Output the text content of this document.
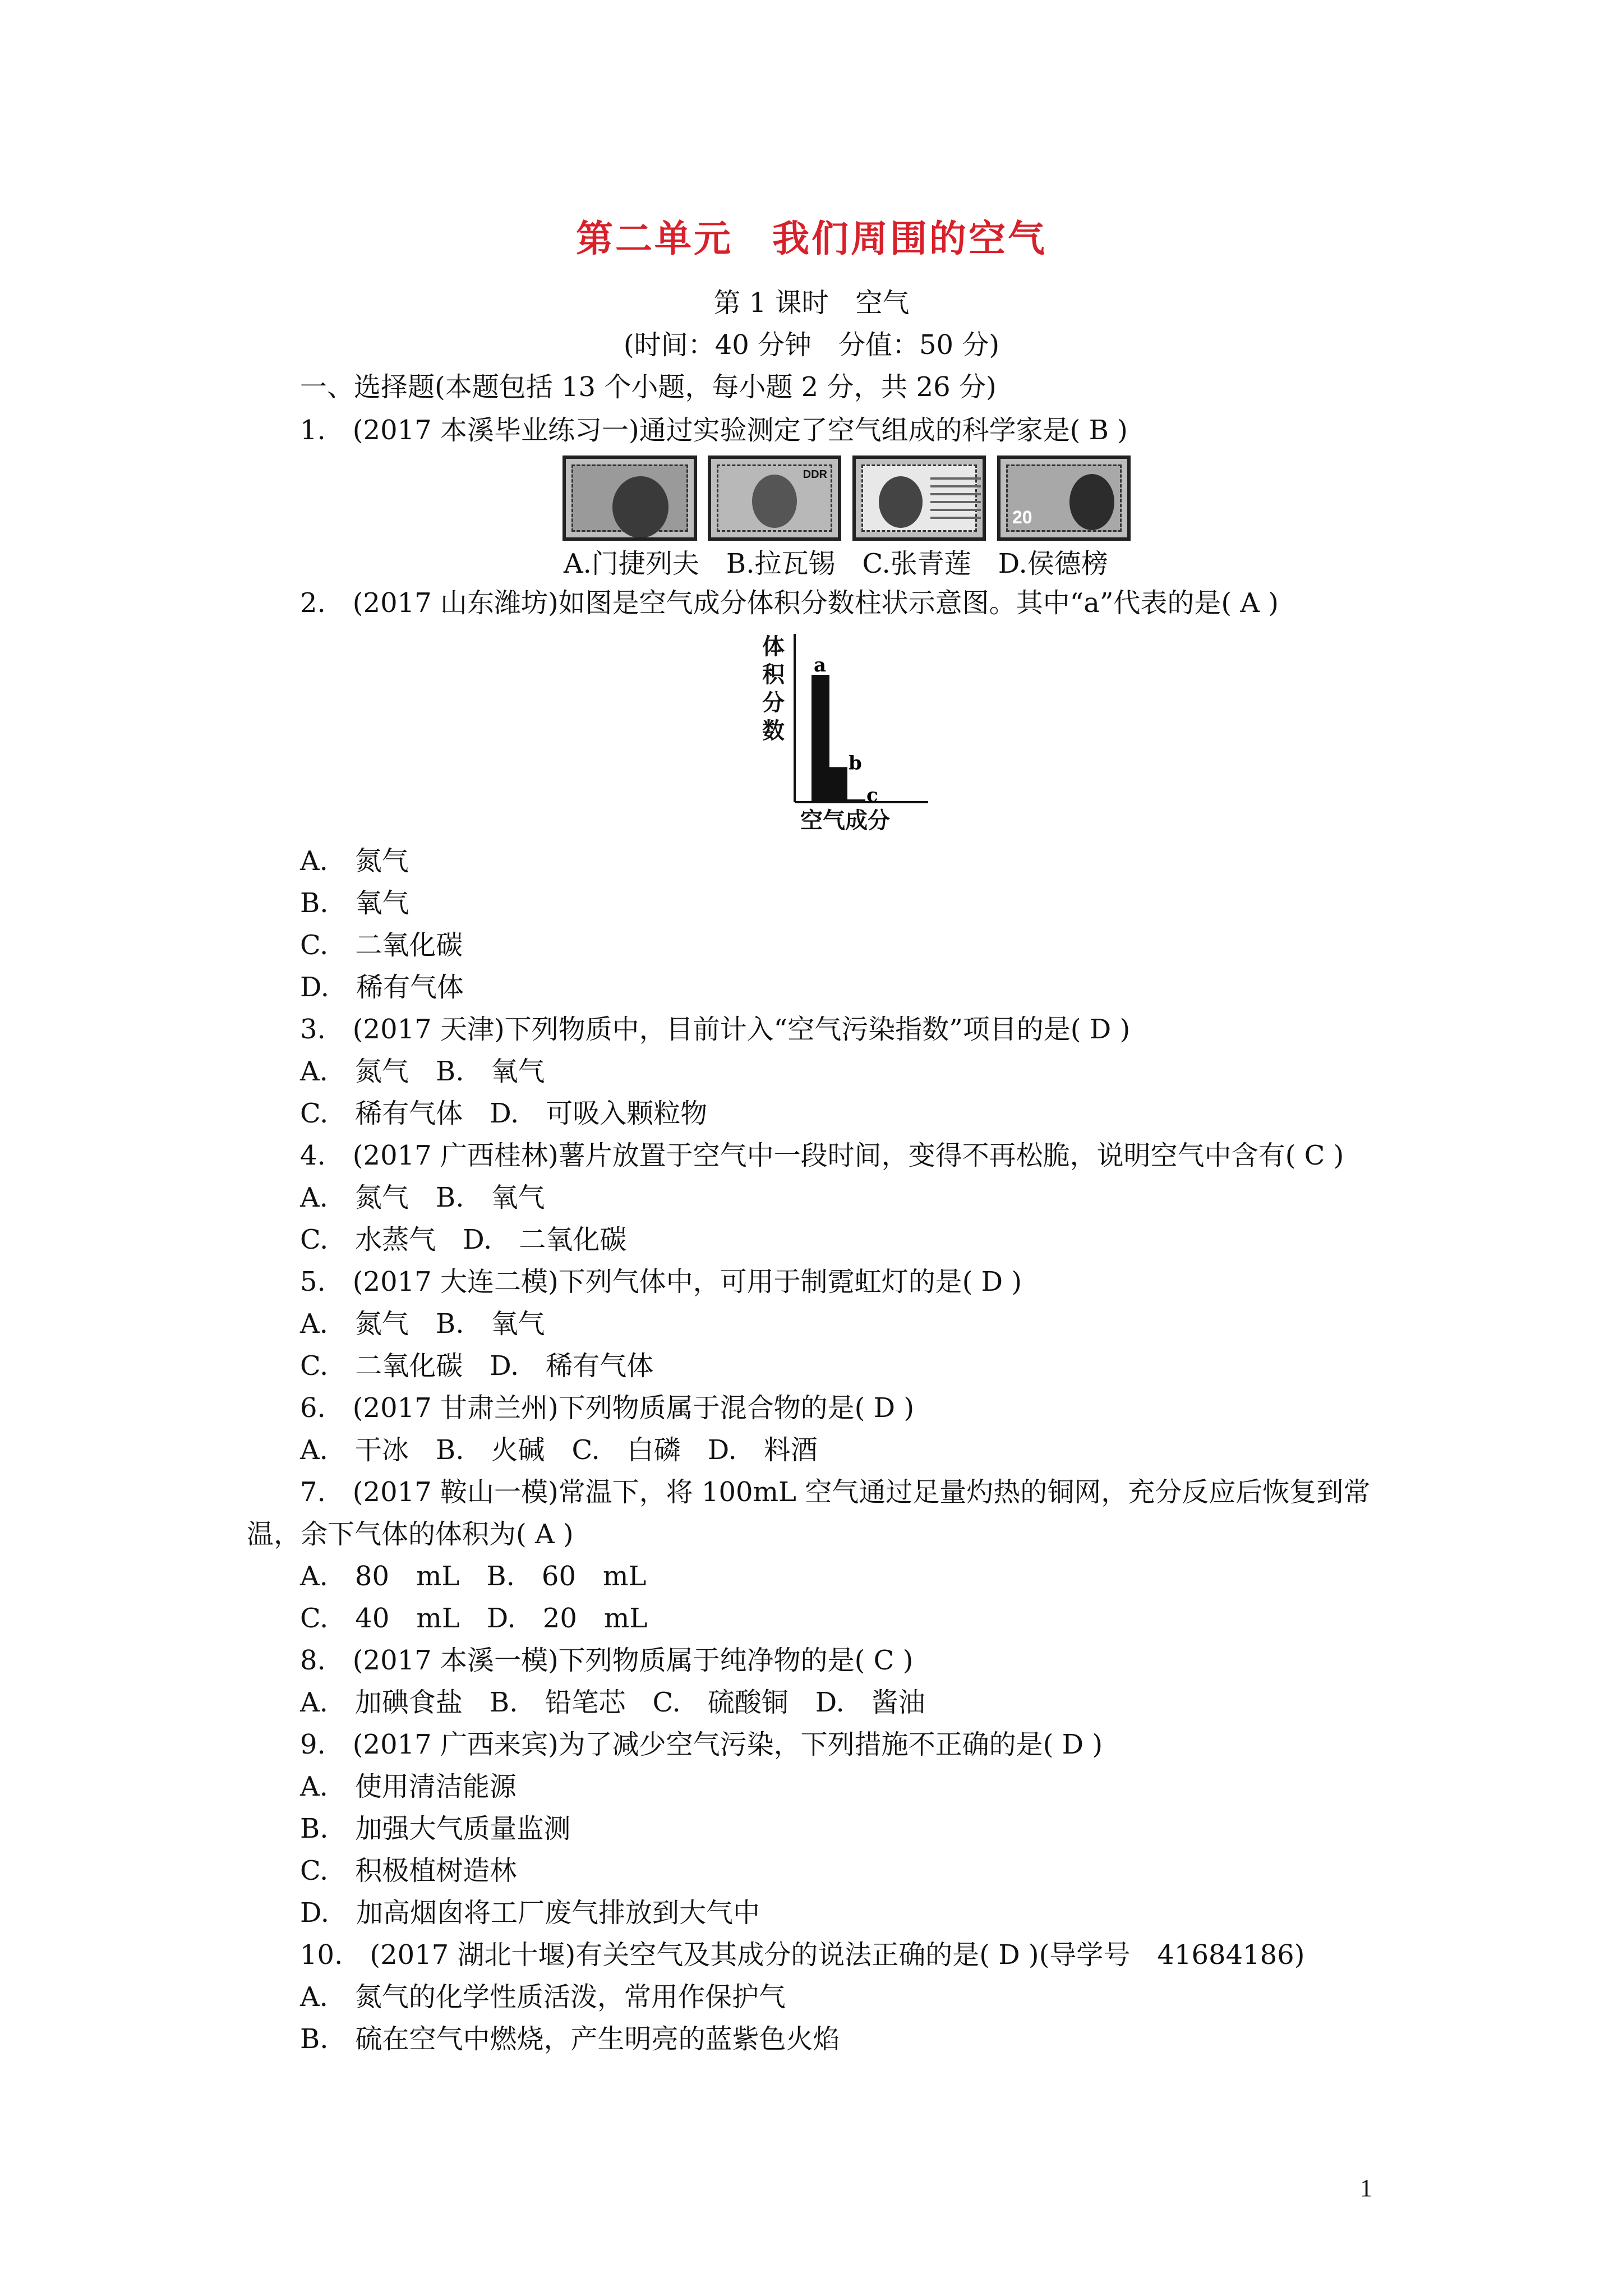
第二单元　我们周围的空气
第 1 课时　空气
(时间：40 分钟　分值：50 分)
一、选择题(本题包括 13 个小题，每小题 2 分，共 26 分)
1.　(2017 本溪毕业练习一)通过实验测定了空气组成的科学家是( B )
DDR
20
A.门捷列夫　B.拉瓦锡　C.张青莲　D.侯德榜
2.　(2017 山东潍坊)如图是空气成分体积分数柱状示意图。其中“a”代表的是( A )
a
b
c
体积分数
空气成分
A.　氮气
B.　氧气
C.　二氧化碳
D.　稀有气体
3.　(2017 天津)下列物质中，目前计入“空气污染指数”项目的是( D )
A.　氮气　B.　氧气
C.　稀有气体　D.　可吸入颗粒物
4.　(2017 广西桂林)薯片放置于空气中一段时间，变得不再松脆，说明空气中含有( C )
A.　氮气　B.　氧气
C.　水蒸气　D.　二氧化碳
5.　(2017 大连二模)下列气体中，可用于制霓虹灯的是( D )
A.　氮气　B.　氧气
C.　二氧化碳　D.　稀有气体
6.　(2017 甘肃兰州)下列物质属于混合物的是( D )
A.　干冰　B.　火碱　C.　白磷　D.　料酒
7.　(2017 鞍山一模)常温下，将 100mL 空气通过足量灼热的铜网，充分反应后恢复到常
温，余下气体的体积为( A )
A.　80　mL　B.　60　mL
C.　40　mL　D.　20　mL
8.　(2017 本溪一模)下列物质属于纯净物的是( C )
A.　加碘食盐　B.　铅笔芯　C.　硫酸铜　D.　酱油
9.　(2017 广西来宾)为了减少空气污染，下列措施不正确的是( D )
A.　使用清洁能源
B.　加强大气质量监测
C.　积极植树造林
D.　加高烟囱将工厂废气排放到大气中
10.　(2017 湖北十堰)有关空气及其成分的说法正确的是( D )(导学号　41684186)
A.　氮气的化学性质活泼，常用作保护气
B.　硫在空气中燃烧，产生明亮的蓝紫色火焰
1
